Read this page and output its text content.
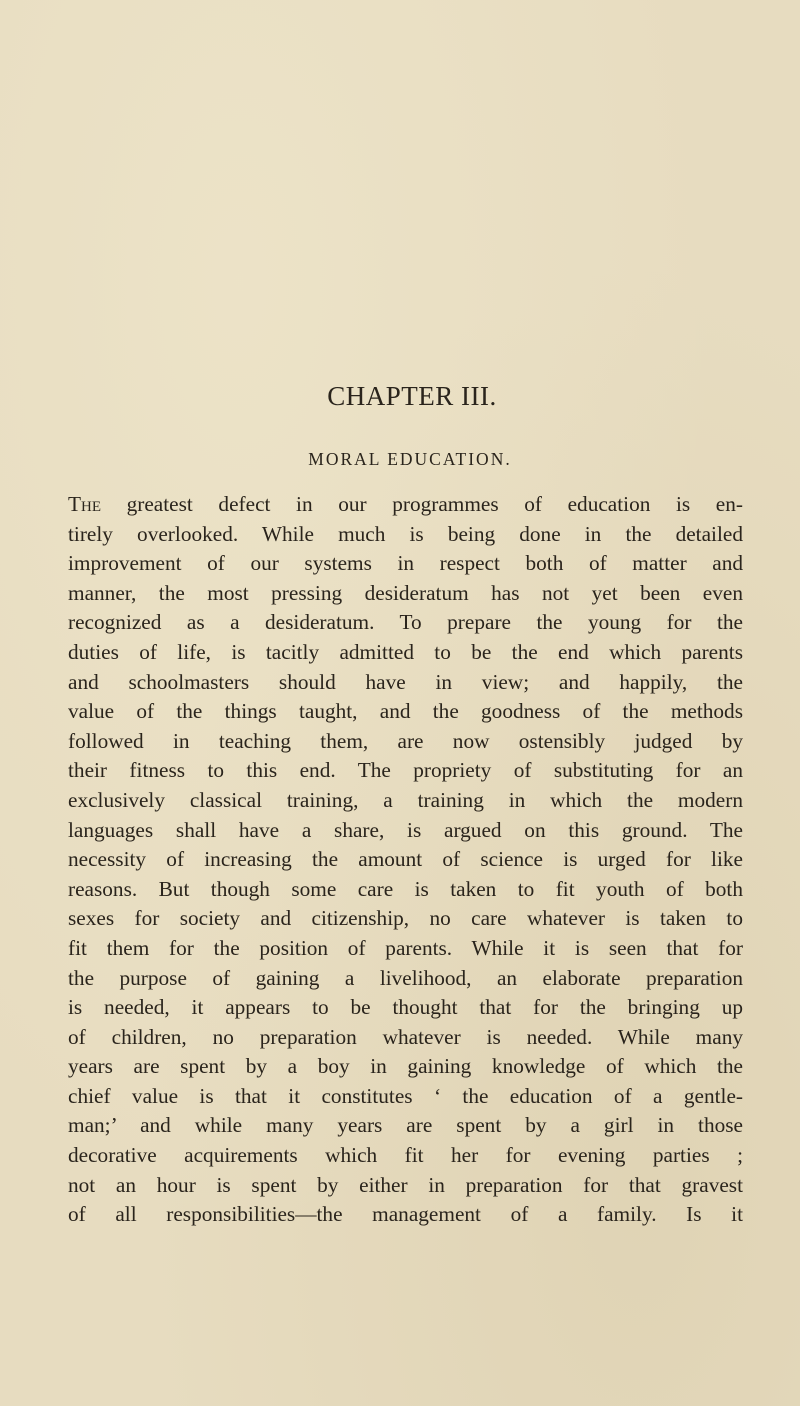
CHAPTER III.
MORAL EDUCATION.
The greatest defect in our programmes of education is en-
tirely overlooked. While much is being done in the detailed
improvement of our systems in respect both of matter and
manner, the most pressing desideratum has not yet been even
recognized as a desideratum. To prepare the young for the
duties of life, is tacitly admitted to be the end which parents
and schoolmasters should have in view; and happily, the
value of the things taught, and the goodness of the methods
followed in teaching them, are now ostensibly judged by
their fitness to this end. The propriety of substituting for an
exclusively classical training, a training in which the modern
languages shall have a share, is argued on this ground. The
necessity of increasing the amount of science is urged for like
reasons. But though some care is taken to fit youth of both
sexes for society and citizenship, no care whatever is taken to
fit them for the position of parents. While it is seen that for
the purpose of gaining a livelihood, an elaborate preparation
is needed, it appears to be thought that for the bringing up
of children, no preparation whatever is needed. While many
years are spent by a boy in gaining knowledge of which the
chief value is that it constitutes ‘ the education of a gentle-
man;’ and while many years are spent by a girl in those
decorative acquirements which fit her for evening parties ;
not an hour is spent by either in preparation for that gravest
of all responsibilities—the management of a family. Is it
